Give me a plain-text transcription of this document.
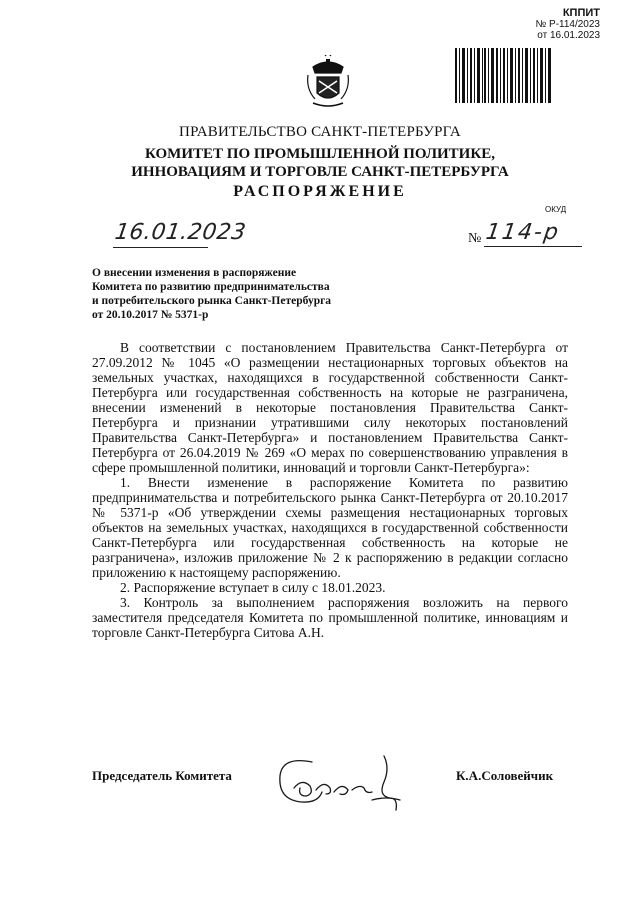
КППИТ
№ Р-114/2023
от 16.01.2023
ПРАВИТЕЛЬСТВО САНКТ-ПЕТЕРБУРГА
КОМИТЕТ ПО ПРОМЫШЛЕННОЙ ПОЛИТИКЕ,
ИННОВАЦИЯМ И ТОРГОВЛЕ САНКТ-ПЕТЕРБУРГА
РАСПОРЯЖЕНИЕ
ОКУД
16.01.2023	№ 114-р
О внесении изменения в распоряжение
Комитета по развитию предпринимательства
и потребительского рынка Санкт-Петербурга
от 20.10.2017 № 5371-р

В соответствии с постановлением Правительства Санкт-Петербурга от 27.09.2012 № 1045 «О размещении нестационарных торговых объектов на земельных участках, находящихся в государственной собственности Санкт-Петербурга или государственная собственность на которые не разграничена, внесении изменений в некоторые постановления Правительства Санкт-Петербурга и признании утратившими силу некоторых постановлений Правительства Санкт-Петербурга» и постановлением Правительства Санкт-Петербурга от 26.04.2019 № 269 «О мерах по совершенствованию управления в сфере промышленной политики, инноваций и торговли Санкт-Петербурга»:

1. Внести изменение в распоряжение Комитета по развитию предпринимательства и потребительского рынка Санкт-Петербурга от 20.10.2017 № 5371-р «Об утверждении схемы размещения нестационарных торговых объектов на земельных участках, находящихся в государственной собственности Санкт-Петербурга или государственная собственность на которые не разграничена», изложив приложение № 2 к распоряжению в редакции согласно приложению к настоящему распоряжению.

2. Распоряжение вступает в силу с 18.01.2023.

3. Контроль за выполнением распоряжения возложить на первого заместителя председателя Комитета по промышленной политике, инновациям и торговле Санкт-Петербурга Ситова А.Н.

Председатель Комитета	К.А.Соловейчик
